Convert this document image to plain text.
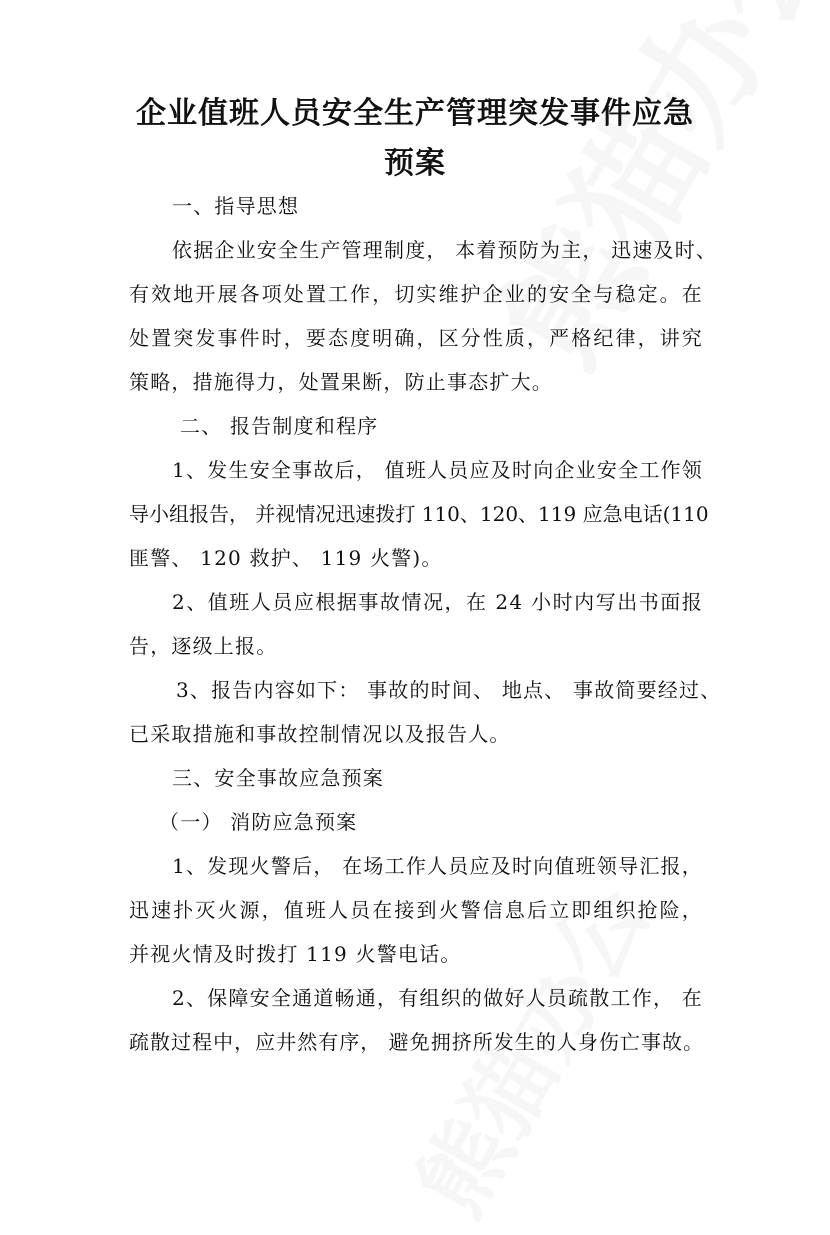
企业值班人员安全生产管理突发事件应急
预案
一、指导思想
依据企业安全生产管理制度， 本着预防为主， 迅速及时、
有效地开展各项处置工作，切实维护企业的安全与稳定。在
处置突发事件时，要态度明确，区分性质，严格纪律，讲究
策略，措施得力，处置果断，防止事态扩大。
二、 报告制度和程序
1、发生安全事故后， 值班人员应及时向企业安全工作领
导小组报告， 并视情况迅速拨打 110、120、119 应急电话(110
匪警、 120 救护、 119 火警)。
2、值班人员应根据事故情况，在 24 小时内写出书面报
告，逐级上报。
3、报告内容如下： 事故的时间、 地点、 事故简要经过、
已采取措施和事故控制情况以及报告人。
三、安全事故应急预案
（一） 消防应急预案
1、发现火警后， 在场工作人员应及时向值班领导汇报，
迅速扑灭火源，值班人员在接到火警信息后立即组织抢险，
并视火情及时拨打 119 火警电话。
2、保障安全通道畅通，有组织的做好人员疏散工作， 在
疏散过程中，应井然有序， 避免拥挤所发生的人身伤亡事故。
